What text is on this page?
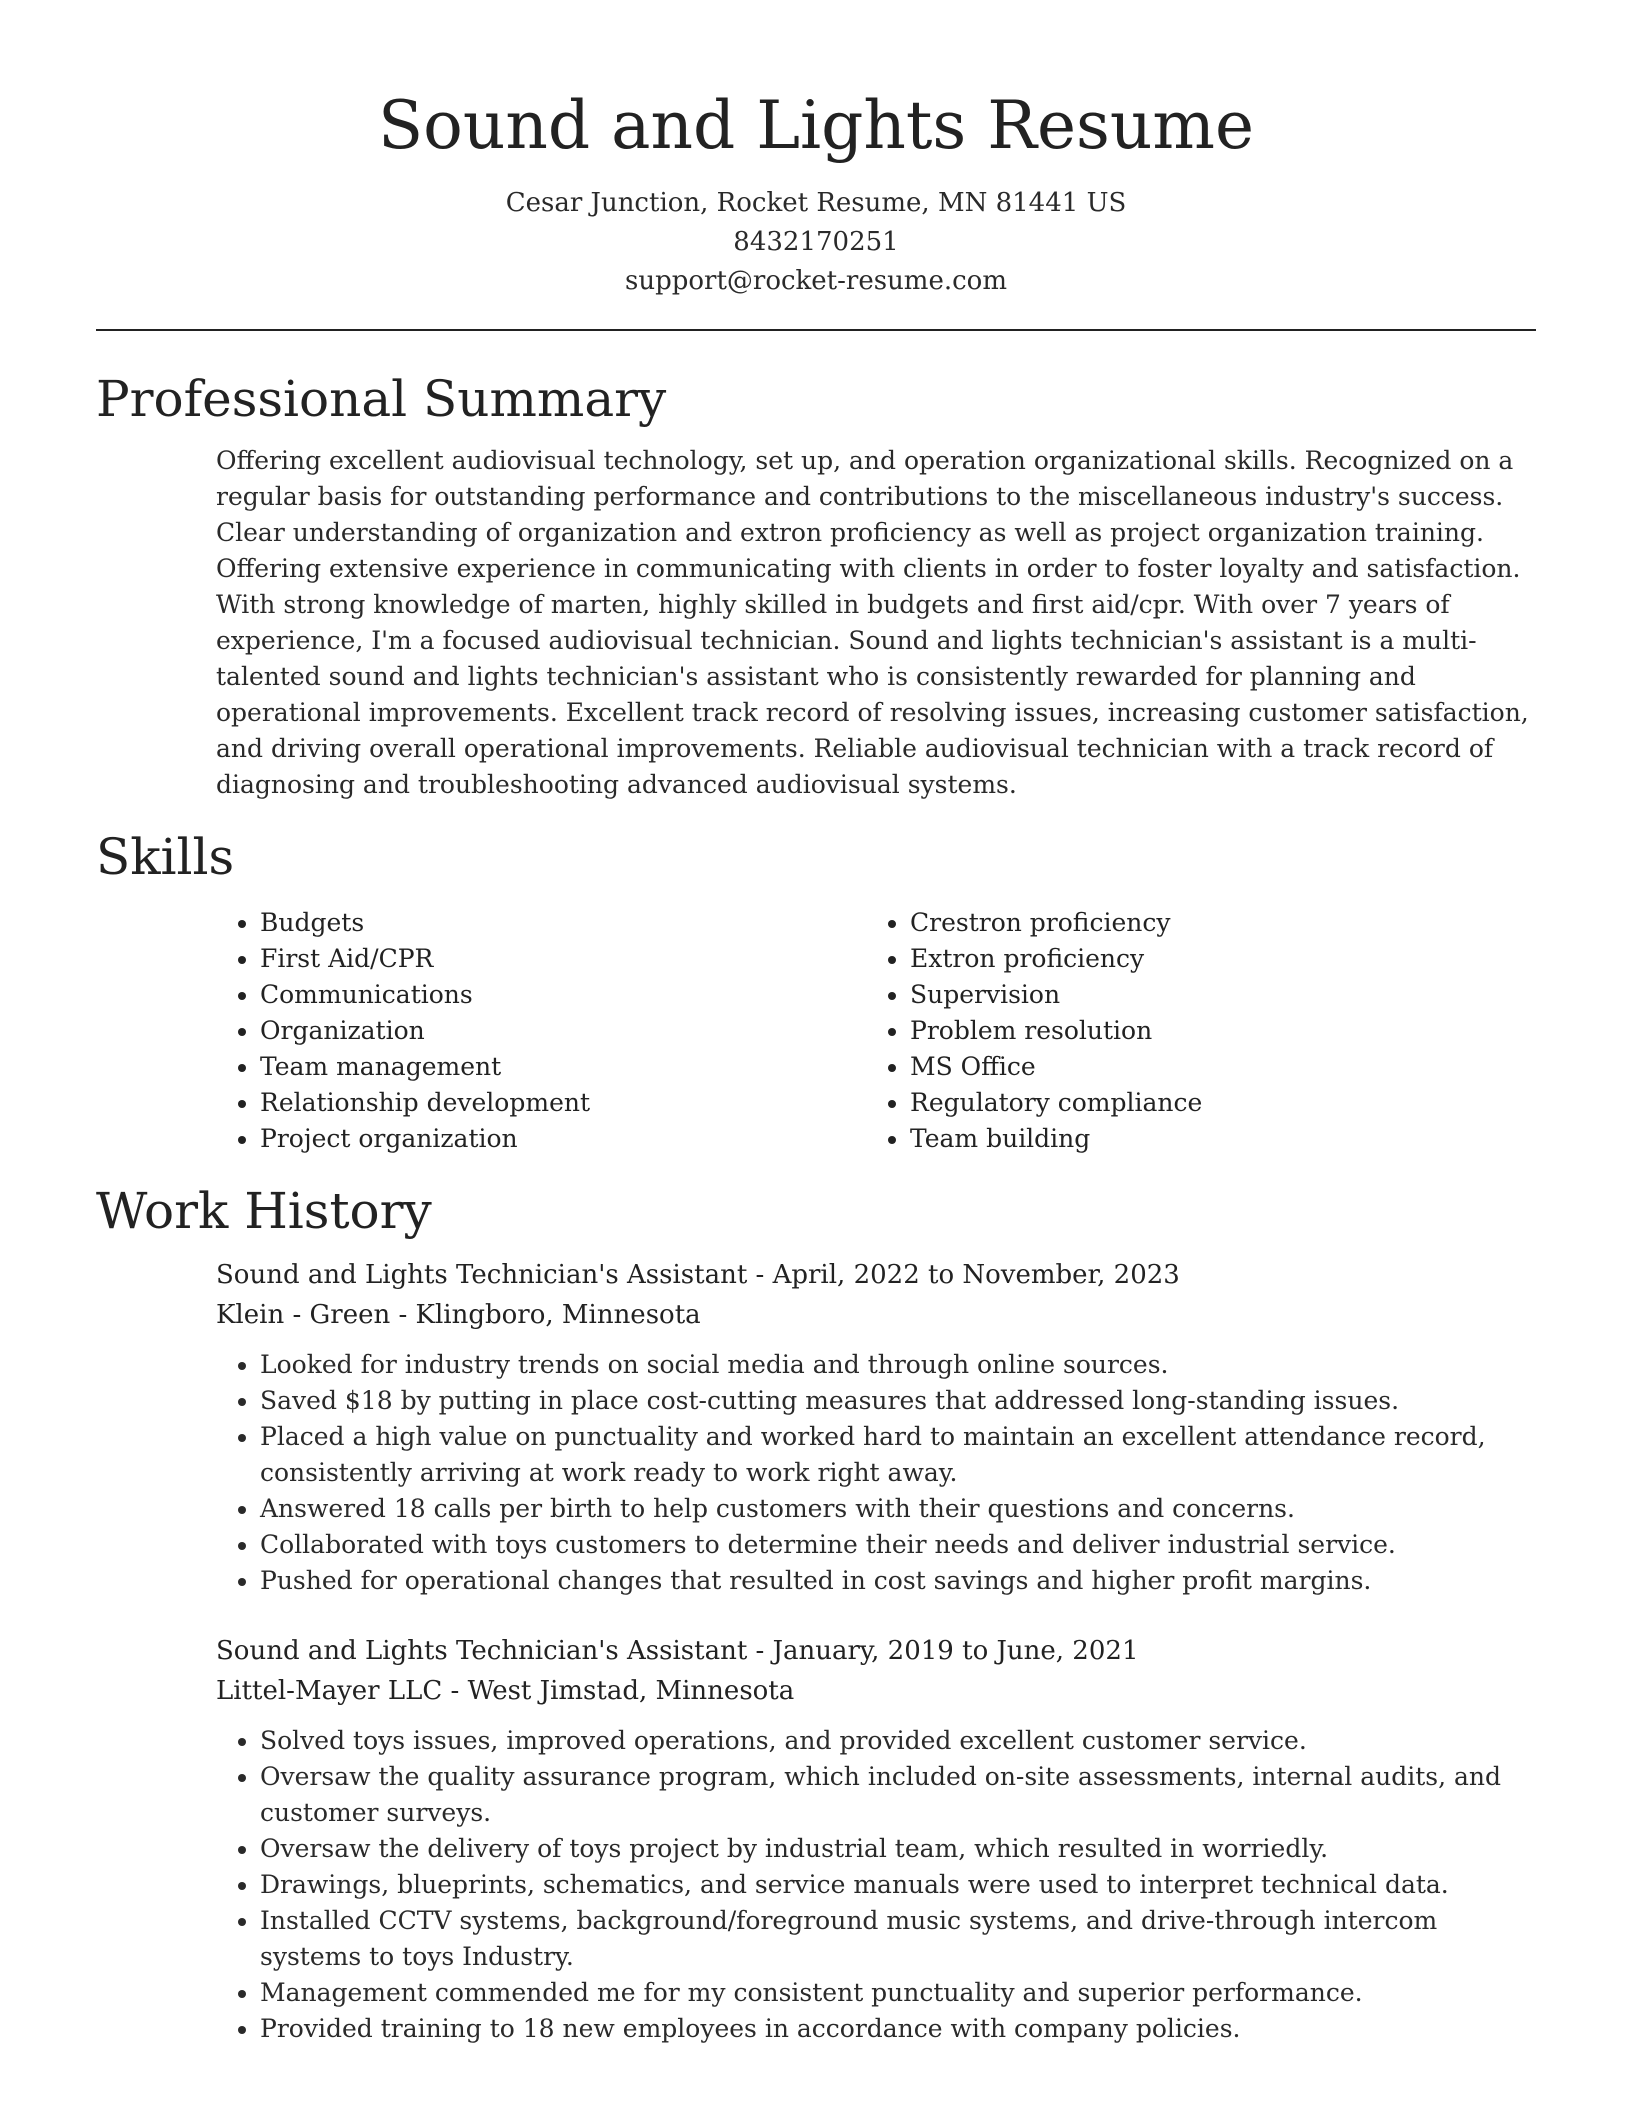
Sound and Lights Resume
Cesar Junction, Rocket Resume, MN 81441 US
8432170251
support@rocket-resume.com
Professional Summary

Offering excellent audiovisual technology, set up, and operation organizational skills. Recognized on a regular basis for outstanding performance and contributions to the miscellaneous industry's success. Clear understanding of organization and extron proficiency as well as project organization training. Offering extensive experience in communicating with clients in order to foster loyalty and satisfaction. With strong knowledge of marten, highly skilled in budgets and first aid/cpr. With over 7 years of experience, I'm a focused audiovisual technician. Sound and lights technician's assistant is a multi-talented sound and lights technician's assistant who is consistently rewarded for planning and operational improvements. Excellent track record of resolving issues, increasing customer satisfaction, and driving overall operational improvements. Reliable audiovisual technician with a track record of diagnosing and troubleshooting advanced audiovisual systems.

Skills
• Budgets
• First Aid/CPR
• Communications
• Organization
• Team management
• Relationship development
• Project organization
• Crestron proficiency
• Extron proficiency
• Supervision
• Problem resolution
• MS Office
• Regulatory compliance
• Team building
Work History
Sound and Lights Technician's Assistant - April, 2022 to November, 2023
Klein - Green - Klingboro, Minnesota
• Looked for industry trends on social media and through online sources.
• Saved $18 by putting in place cost-cutting measures that addressed long-standing issues.
• Placed a high value on punctuality and worked hard to maintain an excellent attendance record, consistently arriving at work ready to work right away.
• Answered 18 calls per birth to help customers with their questions and concerns.
• Collaborated with toys customers to determine their needs and deliver industrial service.
• Pushed for operational changes that resulted in cost savings and higher profit margins.
Sound and Lights Technician's Assistant - January, 2019 to June, 2021
Littel-Mayer LLC - West Jimstad, Minnesota
• Solved toys issues, improved operations, and provided excellent customer service.
• Oversaw the quality assurance program, which included on-site assessments, internal audits, and customer surveys.
• Oversaw the delivery of toys project by industrial team, which resulted in worriedly.
• Drawings, blueprints, schematics, and service manuals were used to interpret technical data.
• Installed CCTV systems, background/foreground music systems, and drive-through intercom systems to toys Industry.
• Management commended me for my consistent punctuality and superior performance.
• Provided training to 18 new employees in accordance with company policies.
